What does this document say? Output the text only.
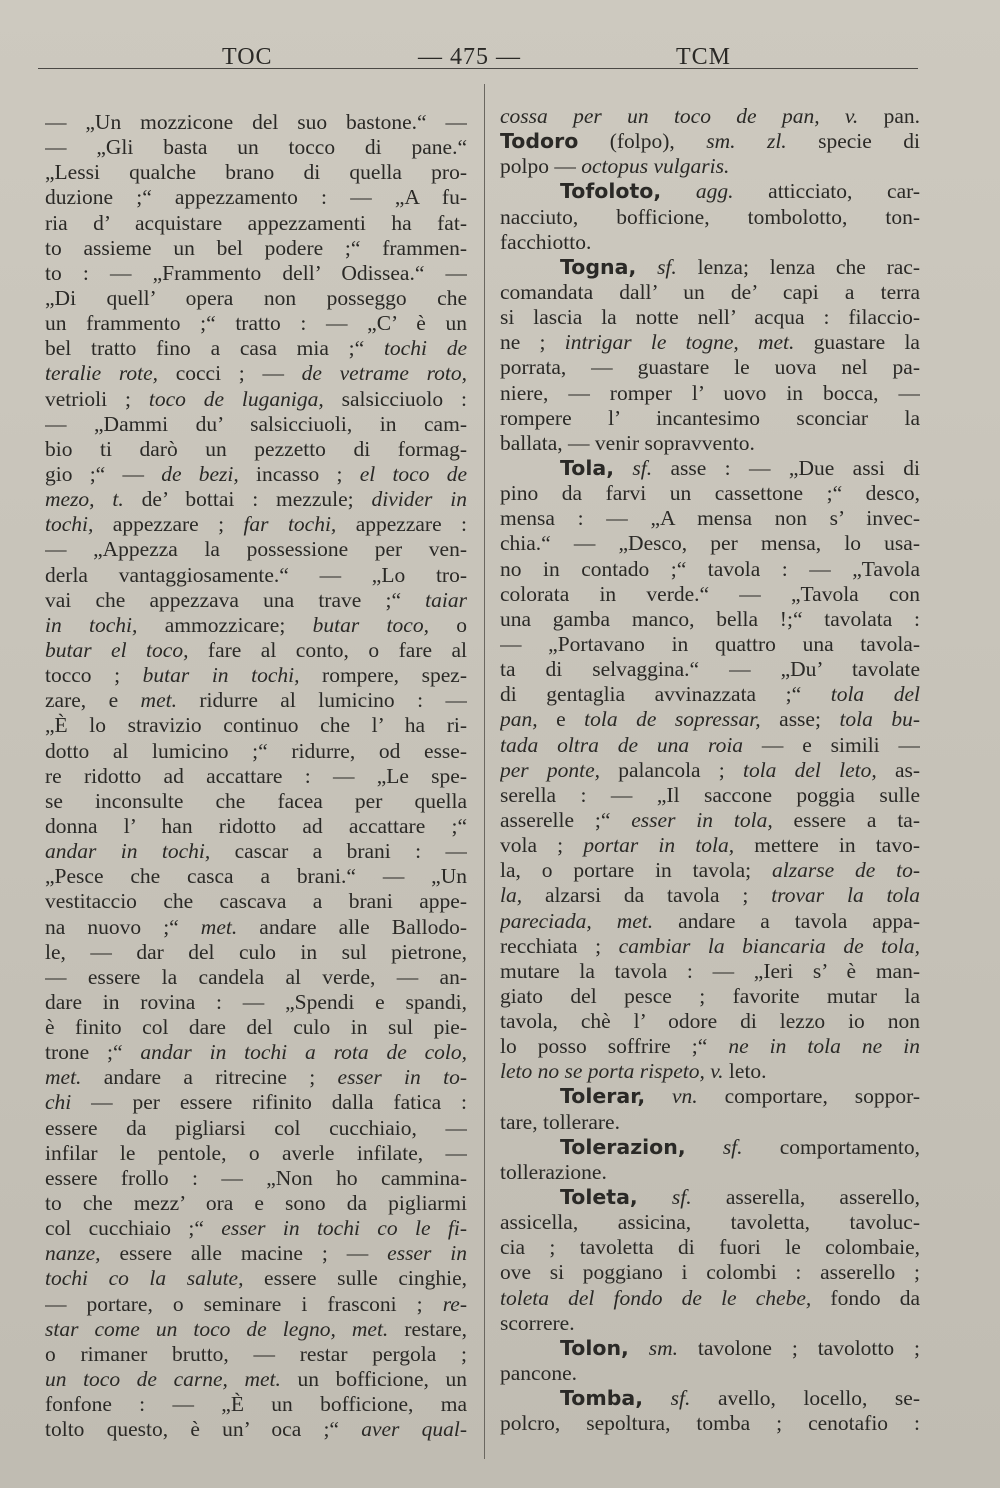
TOC	— 475 —	TCM
— „Un mozzicone del suo bastone.“ —
— „Gli basta un tocco di pane.“
„Lessi qualche brano di quella pro-
duzione ;“ appezzamento : — „A fu-
ria d’ acquistare appezzamenti ha fat-
to assieme un bel podere ;“ frammen-
to : — „Frammento dell’ Odissea.“ —
„Di quell’ opera non posseggo che
un frammento ;“ tratto : — „C’ è un
bel tratto fino a casa mia ;“ tochi de
teralie rote, cocci ; — de vetrame roto,
vetrioli ; toco de luganiga, salsicciuolo :
— „Dammi du’ salsicciuoli, in cam-
bio ti darò un pezzetto di formag-
gio ;“ — de bezi, incasso ; el toco de
mezo, t. de’ bottai : mezzule; divider in
tochi, appezzare ; far tochi, appezzare :
— „Appezza la possessione per ven-
derla vantaggiosamente.“ — „Lo tro-
vai che appezzava una trave ;“ taiar
in tochi, ammozzicare; butar toco, o
butar el toco, fare al conto, o fare al
tocco ; butar in tochi, rompere, spez-
zare, e met. ridurre al lumicino : —
„È lo stravizio continuo che l’ ha ri-
dotto al lumicino ;“ ridurre, od esse-
re ridotto ad accattare : — „Le spe-
se inconsulte che facea per quella
donna l’ han ridotto ad accattare ;“
andar in tochi, cascar a brani : —
„Pesce che casca a brani.“ — „Un
vestitaccio che cascava a brani appe-
na nuovo ;“ met. andare alle Ballodo-
le, — dar del culo in sul pietrone,
— essere la candela al verde, — an-
dare in rovina : — „Spendi e spandi,
è finito col dare del culo in sul pie-
trone ;“ andar in tochi a rota de colo,
met. andare a ritrecine ; esser in to-
chi — per essere rifinito dalla fatica :
essere da pigliarsi col cucchiaio, —
infilar le pentole, o averle infilate, —
essere frollo : — „Non ho cammina-
to che mezz’ ora e sono da pigliarmi
col cucchiaio ;“ esser in tochi co le fi-
nanze, essere alle macine ; — esser in
tochi co la salute, essere sulle cinghie,
— portare, o seminare i frasconi ; re-
star come un toco de legno, met. restare,
o rimaner brutto, — restar pergola ;
un toco de carne, met. un bofficione, un
fonfone : — „È un bofficione, ma
tolto questo, è un’ oca ;“ aver qual-
cossa per un toco de pan, v. pan.
Todoro (folpo), sm. zl. specie di
polpo — octopus vulgaris.
Tofoloto, agg. atticciato, car-
nacciuto, bofficione, tombolotto, ton-
facchiotto.
Togna, sf. lenza; lenza che rac-
comandata dall’ un de’ capi a terra
si lascia la notte nell’ acqua : filaccio-
ne ; intrigar le togne, met. guastare la
porrata, — guastare le uova nel pa-
niere, — romper l’ uovo in bocca, —
rompere l’ incantesimo sconciar la
ballata, — venir sopravvento.
Tola, sf. asse : — „Due assi di
pino da farvi un cassettone ;“ desco,
mensa : — „A mensa non s’ invec-
chia.“ — „Desco, per mensa, lo usa-
no in contado ;“ tavola : — „Tavola
colorata in verde.“ — „Tavola con
una gamba manco, bella !;“ tavolata :
— „Portavano in quattro una tavola-
ta di selvaggina.“ — „Du’ tavolate
di gentaglia avvinazzata ;“ tola del
pan, e tola de sopressar, asse; tola bu-
tada oltra de una roia — e simili —
per ponte, palancola ; tola del leto, as-
serella : — „Il saccone poggia sulle
asserelle ;“ esser in tola, essere a ta-
vola ; portar in tola, mettere in tavo-
la, o portare in tavola; alzarse de to-
la, alzarsi da tavola ; trovar la tola
pareciada, met. andare a tavola appa-
recchiata ; cambiar la biancaria de tola,
mutare la tavola : — „Ieri s’ è man-
giato del pesce ; favorite mutar la
tavola, chè l’ odore di lezzo io non
lo posso soffrire ;“ ne in tola ne in
leto no se porta rispeto, v. leto.
Tolerar, vn. comportare, soppor-
tare, tollerare.
Tolerazion, sf. comportamento,
tollerazione.
Toleta, sf. asserella, asserello,
assicella, assicina, tavoletta, tavoluc-
cia ; tavoletta di fuori le colombaie,
ove si poggiano i colombi : asserello ;
toleta del fondo de le chebe, fondo da
scorrere.
Tolon, sm. tavolone ; tavolotto ;
pancone.
Tomba, sf. avello, locello, se-
polcro, sepoltura, tomba ; cenotafio :
